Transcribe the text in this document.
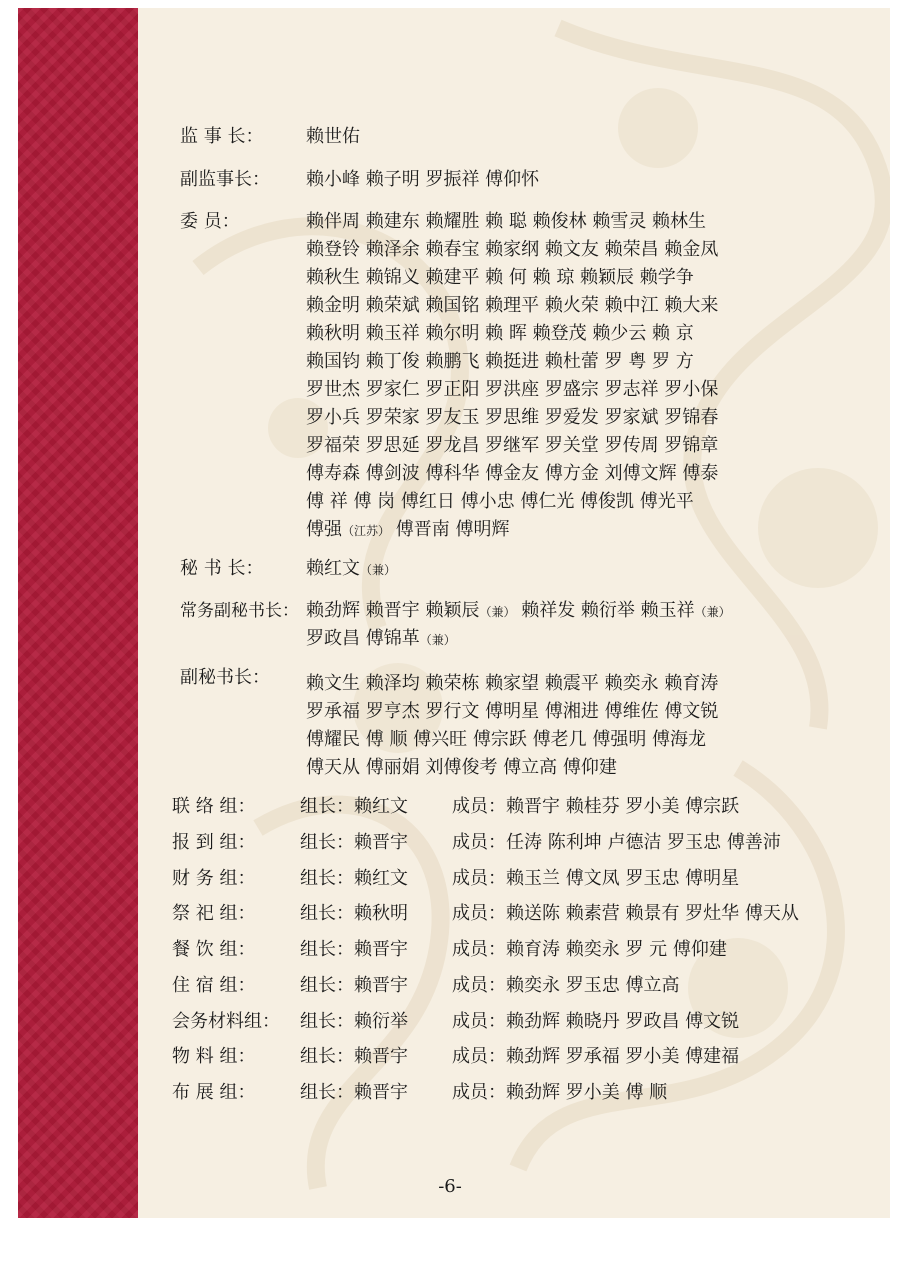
监 事 长：	赖世佑
副监事长：	赖小峰 赖子明 罗振祥 傅仰怀
委 员：	赖伴周 赖建东 赖耀胜 赖 聪 赖俊林 赖雪灵 赖林生
赖登铃 赖泽余 赖春宝 赖家纲 赖文友 赖荣昌 赖金凤
赖秋生 赖锦义 赖建平 赖 何 赖 琼 赖颖辰 赖学争
赖金明 赖荣斌 赖国铭 赖理平 赖火荣 赖中江 赖大来
赖秋明 赖玉祥 赖尔明 赖 晖 赖登茂 赖少云 赖 京
赖国钧 赖丁俊 赖鹏飞 赖挺进 赖杜蕾 罗 粤 罗 方
罗世杰 罗家仁 罗正阳 罗洪座 罗盛宗 罗志祥 罗小保
罗小兵 罗荣家 罗友玉 罗思维 罗爱发 罗家斌 罗锦春
罗福荣 罗思延 罗龙昌 罗继军 罗关堂 罗传周 罗锦章
傅寿森 傅剑波 傅科华 傅金友 傅方金 刘傅文辉 傅泰
傅 祥 傅 岗 傅红日 傅小忠 傅仁光 傅俊凯 傅光平
傅强（江苏） 傅晋南 傅明辉
秘 书 长：	赖红文（兼）
常务副秘书长： 赖劲辉 赖晋宇 赖颖辰（兼） 赖祥发 赖衍举 赖玉祥（兼）
罗政昌 傅锦革（兼）
副秘书长：	赖文生 赖泽均 赖荣栋 赖家望 赖震平 赖奕永 赖育涛
罗承福 罗亨杰 罗行文 傅明星 傅湘进 傅维佐 傅文锐
傅耀民 傅 顺 傅兴旺 傅宗跃 傅老几 傅强明 傅海龙
傅天从 傅丽娟 刘傅俊考 傅立高 傅仰建
联 络 组： 组长：赖红文 成员：赖晋宇 赖桂芬 罗小美 傅宗跃
报 到 组： 组长：赖晋宇 成员：任涛 陈利坤 卢德洁 罗玉忠 傅善沛
财 务 组： 组长：赖红文 成员：赖玉兰 傅文凤 罗玉忠 傅明星
祭 祀 组： 组长：赖秋明 成员：赖送陈 赖素营 赖景有 罗灶华 傅天从
餐 饮 组： 组长：赖晋宇 成员：赖育涛 赖奕永 罗 元 傅仰建
住 宿 组： 组长：赖晋宇 成员：赖奕永 罗玉忠 傅立高
会务材料组： 组长：赖衍举 成员：赖劲辉 赖晓丹 罗政昌 傅文锐
物 料 组： 组长：赖晋宇 成员：赖劲辉 罗承福 罗小美 傅建福
布 展 组： 组长：赖晋宇 成员：赖劲辉 罗小美 傅 顺
-6-
